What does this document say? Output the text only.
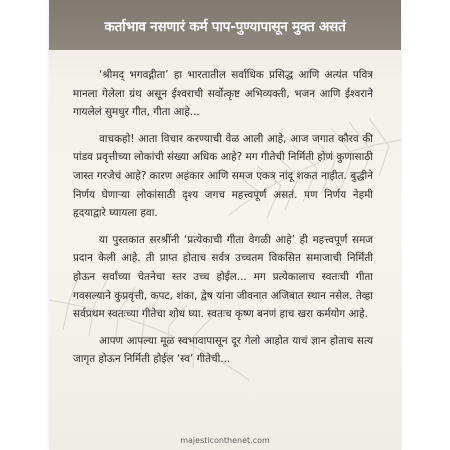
कर्ताभाव नसणारं कर्म पाप-पुण्यापासून मुक्त असतं

‘श्रीमद् भगवद्गीता’ हा भारतातील सर्वाधिक प्रसिद्ध आणि अत्यंत पवित्र मानला गेलेला ग्रंथ असून ईश्वराची सर्वोत्कृष्ट अभिव्यक्ती, भजन आणि ईश्वराने गायलेलं सुमधुर गीत, गीता आहे...

वाचकहो! आता विचार करण्याची वेळ आली आहे, आज जगात कौरव की पांडव प्रवृत्तीच्या लोकांची संख्या अधिक आहे? मग गीतेची निर्मिती होणं कुणासाठी जास्त गरजेचं आहे? कारण अहंकार आणि समज एकत्र नांदू शकत नाहीत. बुद्धीने निर्णय घेणाऱ्या लोकांसाठी दृश्य जगच महत्त्वपूर्ण असतं. पण निर्णय नेहमी हृदयाद्वारे घ्यायला हवा.

या पुस्तकात सरश्रींनी ‘प्रत्येकाची गीता वेगळी आहे’ ही महत्त्वपूर्ण समज प्रदान केली आहे. ती प्राप्त होताच सर्वत्र उच्चतम विकसित समाजाची निर्मिती होऊन सर्वांच्या चेतनेचा स्तर उच्च होईल... मग प्रत्येकालाच स्वतःची गीता गवसल्याने कुप्रवृत्ती, कपट, शंका, द्वेष यांना जीवनात अजिबात स्थान नसेल. तेव्हा सर्वप्रथम स्वतःच्या गीतेचा शोध घ्या. स्वतःच कृष्ण बनणं हाच खरा कर्मयोग आहे.

आपण आपल्या मूळ स्वभावापासून दूर गेलो आहोत याचं ज्ञान होताच सत्य जागृत होऊन निर्मिती होईल ‘स्व’ गीतेची...

majesticonthenet.com
